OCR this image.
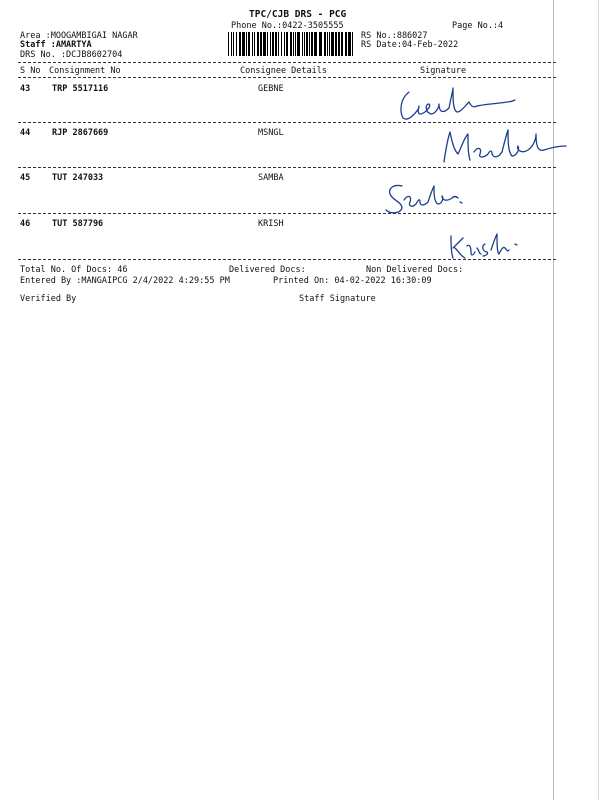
TPC/CJB DRS - PCG
Phone No.:0422-3505555	Page No.:4
Area :MOOGAMBIGAI NAGAR
Staff :AMARTYA
DRS No. :DCJB8602704
RS No.:886027
RS Date:04-Feb-2022
S No Consignment No	Consignee Details	Signature
43	TRP 5517116	GEBNE
44	RJP 2867669	MSNGL
45	TUT 247033	SAMBA
46	TUT 587796	KRISH
Total No. Of Docs: 46	Delivered Docs:	Non Delivered Docs:
Entered By :MANGAIPCG 2/4/2022 4:29:55 PM	Printed On: 04-02-2022 16:30:09
Verified By	Staff Signature
